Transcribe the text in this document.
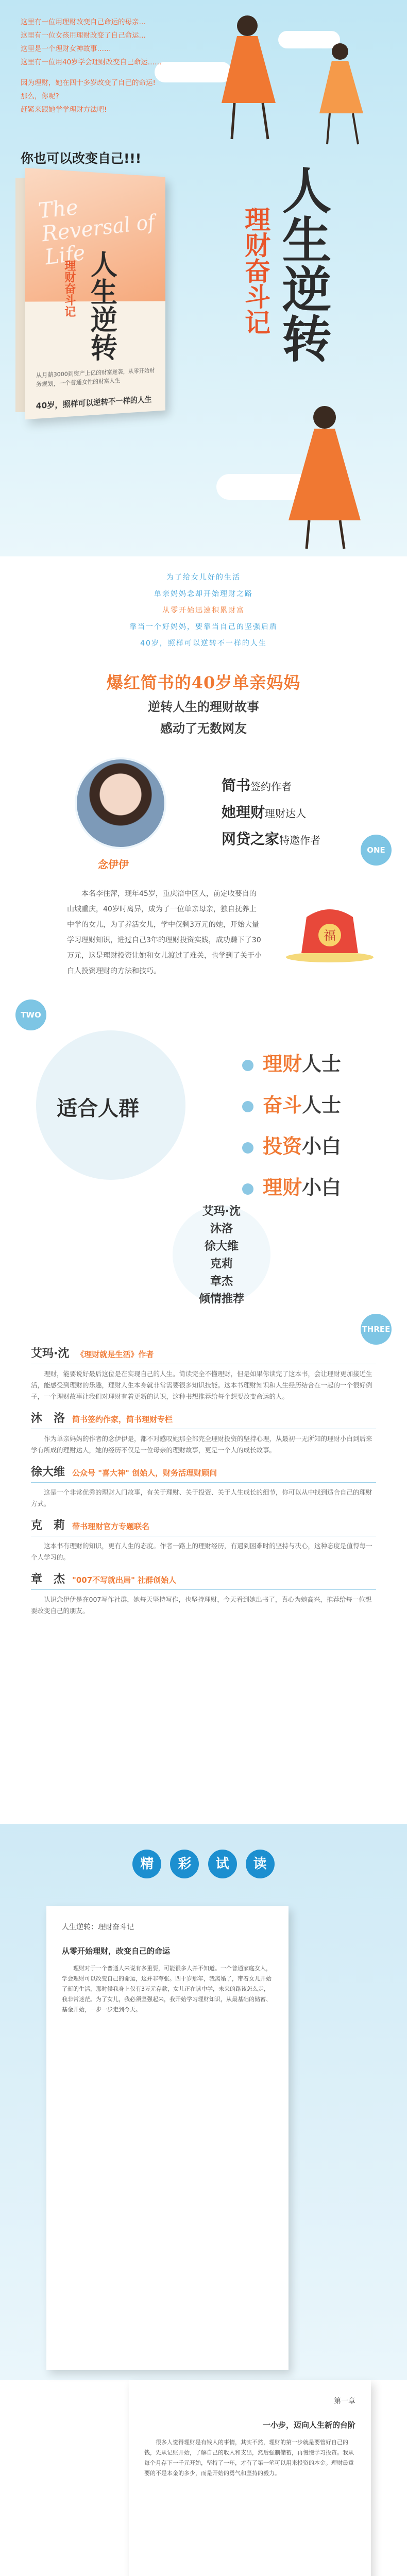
这里有一位用理财改变自己命运的母亲…

这里有一位女孩用理财改变了自己命运…

这里是一个理财女神故事……

这里有一位用40岁学会理财改变自己命运……

因为理财，她在四十多岁改变了自己的命运!

那么，你呢?

赶紧来跟她学学理财方法吧!

你也可以改变自己!!!
The Reversal of Life 人生逆转
理财奋斗记
从月薪3000到资产上亿的财富逆袭，从零开始财务规划，一个普通女性的财富人生
40岁，照样可以逆转不一样的人生
人生逆转
理财奋斗记
为了给女儿好的生活
单亲妈妈念却开始理财之路
从零开始迅速积累财富
靠当一个好妈妈，要靠当自己的坚强后盾
40岁，照样可以逆转不一样的人生
爆红简书的40岁单亲妈妈
逆转人生的理财故事
感动了无数网友
念伊伊
简书签约作者
她理财理财达人
网贷之家特邀作者
ONE
本名李住萍，现年45岁，重庆涪中区人，前定收要自的山城重庆，40岁时离异，成为了一位单亲母亲，独自抚养上中学的女儿，为了养活女儿，学中仅剩3万元的她，开始大量学习理财知识，进过自己3年的理财投资实践，成功赚下了30万元，这是理财投资让她和女儿渡过了难关，也学到了关于小白人投资理财的方法和技巧。
福
TWO
适合人群
理财人士
奋斗人士
投资小白
理财小白
艾玛·沈
沐洛
徐大维
克莉
章杰
倾情推荐
THREE
艾玛·沈 《理财就是生活》作者
理财，能要说好最后这位是在实现自己的人生。简读完全不懂理财，但是如果你读完了这本书，会让理财更加接近生活，能感受到理财的乐趣，理财人生本身就非常需要很多知识技能。这本书理财知识和人生经历结合在一起的一个很好例子，一个理财故事让我们对理财有着更新的认识，这种书想推荐给每个想要改变命运的人。
沐　洛 简书签约作家，简书理财专栏
作为单亲妈妈的作者的念伊伊是，都不对感叹她那全部完全理财投资的坚持心理，从最初一无所知的理财小白到后来学有所成的理财达人，她的经历不仅是一位母亲的理财故事，更是一个人的成长故事。
徐大维 公众号 "喜大神" 创始人，财务活理财顾问
这是一个非常优秀的理财入门故事，有关于理财、关于投资、关于人生成长的细节，你可以从中找到适合自己的理财方式。
克　莉 带书理财官方专题联名
这本书有理财的知识，更有人生的态度。作者一路上的理财经历，有遇到困难时的坚持与决心，这种态度是值得每一个人学习的。
章　杰 "007不写就出局" 社群创始人
认识念伊伊是在007写作社群，她每天坚持写作，也坚持理财，今天看到她出书了，真心为她高兴，推荐给每一位想要改变自己的朋友。
精 彩 试 读
人生逆转：理财奋斗记
从零开始理财，改变自己的命运
理财对于一个普通人来说有多重要，可能很多人并不知道。一个普通家庭女人，学会理财可以改变自己的命运，这并非夸张。四十岁那年，我离婚了，带着女儿开始了新的生活，那时候我身上仅有3万元存款，女儿正在读中学，未来的路该怎么走，我非常迷茫。为了女儿，我必须坚强起来，我开始学习理财知识，从最基础的储蓄、基金开始，一步一步走到今天。
第一章
一小步，迈向人生新的台阶
很多人觉得理财是有钱人的事情，其实不然，理财的第一步就是要管好自己的钱，先从记账开始，了解自己的收入和支出，然后强制储蓄，再慢慢学习投资。我从每个月存下一千元开始，坚持了一年，才有了第一笔可以用来投资的本金。理财最重要的不是本金的多少，而是开始的勇气和坚持的毅力。
